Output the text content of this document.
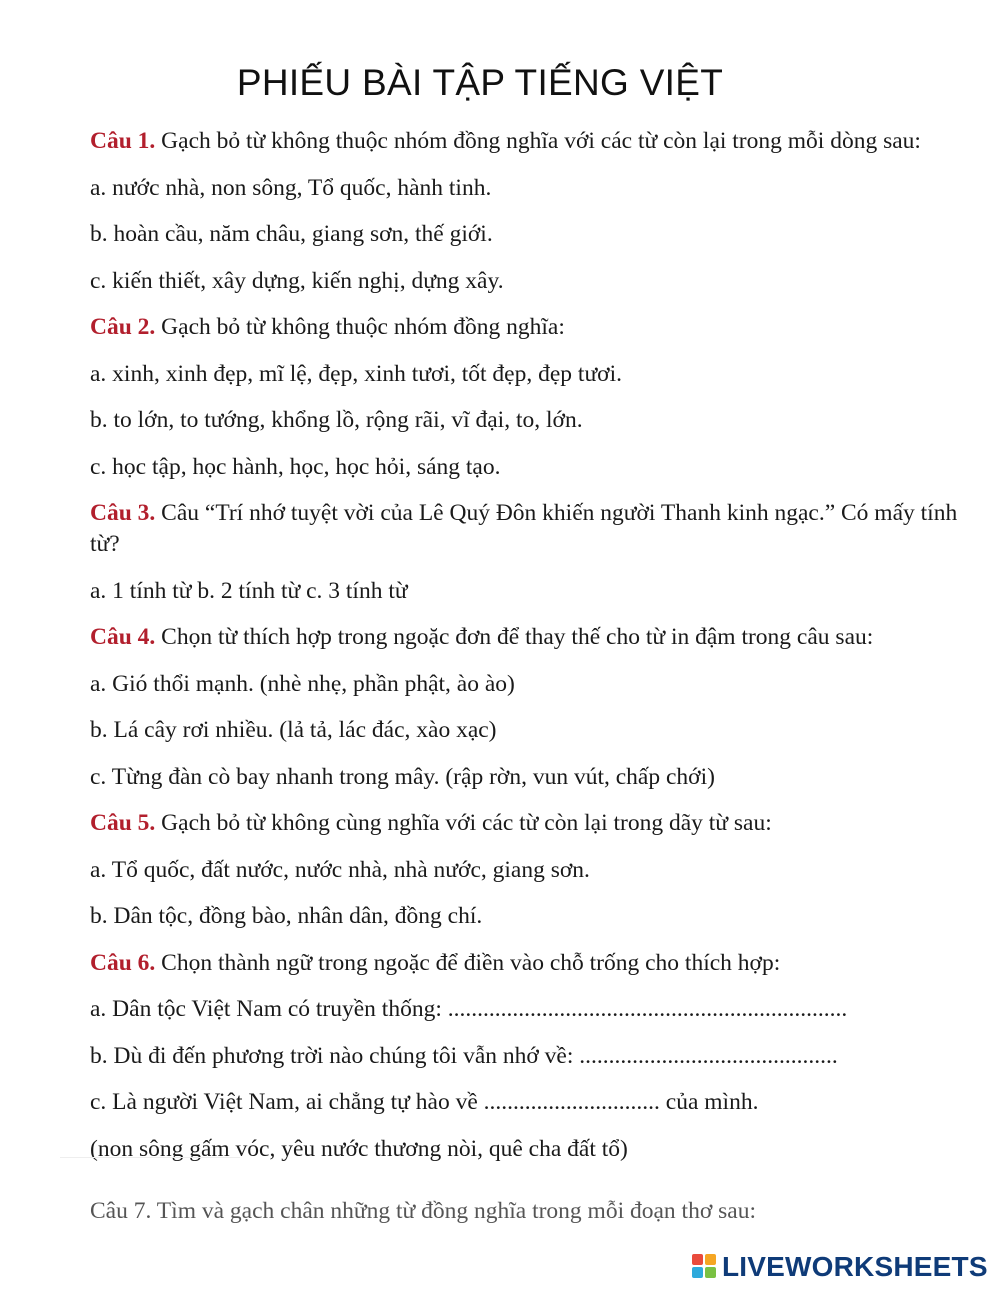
PHIẾU BÀI TẬP TIẾNG VIỆT
Câu 1. Gạch bỏ từ không thuộc nhóm đồng nghĩa với các từ còn lại trong mỗi dòng sau:
a. nước nhà, non sông, Tổ quốc, hành tinh.
b. hoàn cầu, năm châu, giang sơn, thế giới.
c. kiến thiết, xây dựng, kiến nghị, dựng xây.
Câu 2. Gạch bỏ từ không thuộc nhóm đồng nghĩa:
a. xinh, xinh đẹp, mĩ lệ, đẹp, xinh tươi, tốt đẹp, đẹp tươi.
b. to lớn, to tướng, khổng lồ, rộng rãi, vĩ đại, to, lớn.
c. học tập, học hành, học, học hỏi, sáng tạo.
Câu 3. Câu “Trí nhớ tuyệt vời của Lê Quý Đôn khiến người Thanh kinh ngạc.” Có mấy tính từ?
a. 1 tính từ b. 2 tính từ c. 3 tính từ
Câu 4. Chọn từ thích hợp trong ngoặc đơn để thay thế cho từ in đậm trong câu sau:
a. Gió thổi mạnh. (nhè nhẹ, phần phật, ào ào)
b. Lá cây rơi nhiều. (lả tả, lác đác, xào xạc)
c. Từng đàn cò bay nhanh trong mây. (rập rờn, vun vút, chấp chới)
Câu 5. Gạch bỏ từ không cùng nghĩa với các từ còn lại trong dãy từ sau:
a. Tổ quốc, đất nước, nước nhà, nhà nước, giang sơn.
b. Dân tộc, đồng bào, nhân dân, đồng chí.
Câu 6. Chọn thành ngữ trong ngoặc để điền vào chỗ trống cho thích hợp:
a. Dân tộc Việt Nam có truyền thống: ....................................................................
b. Dù đi đến phương trời nào chúng tôi vẫn nhớ về: ............................................
c. Là người Việt Nam, ai chẳng tự hào về .............................. của mình.
(non sông gấm vóc, yêu nước thương nòi, quê cha đất tổ)
Câu 7. Tìm và gạch chân những từ đồng nghĩa trong mỗi đoạn thơ sau:
LIVEWORKSHEETS
